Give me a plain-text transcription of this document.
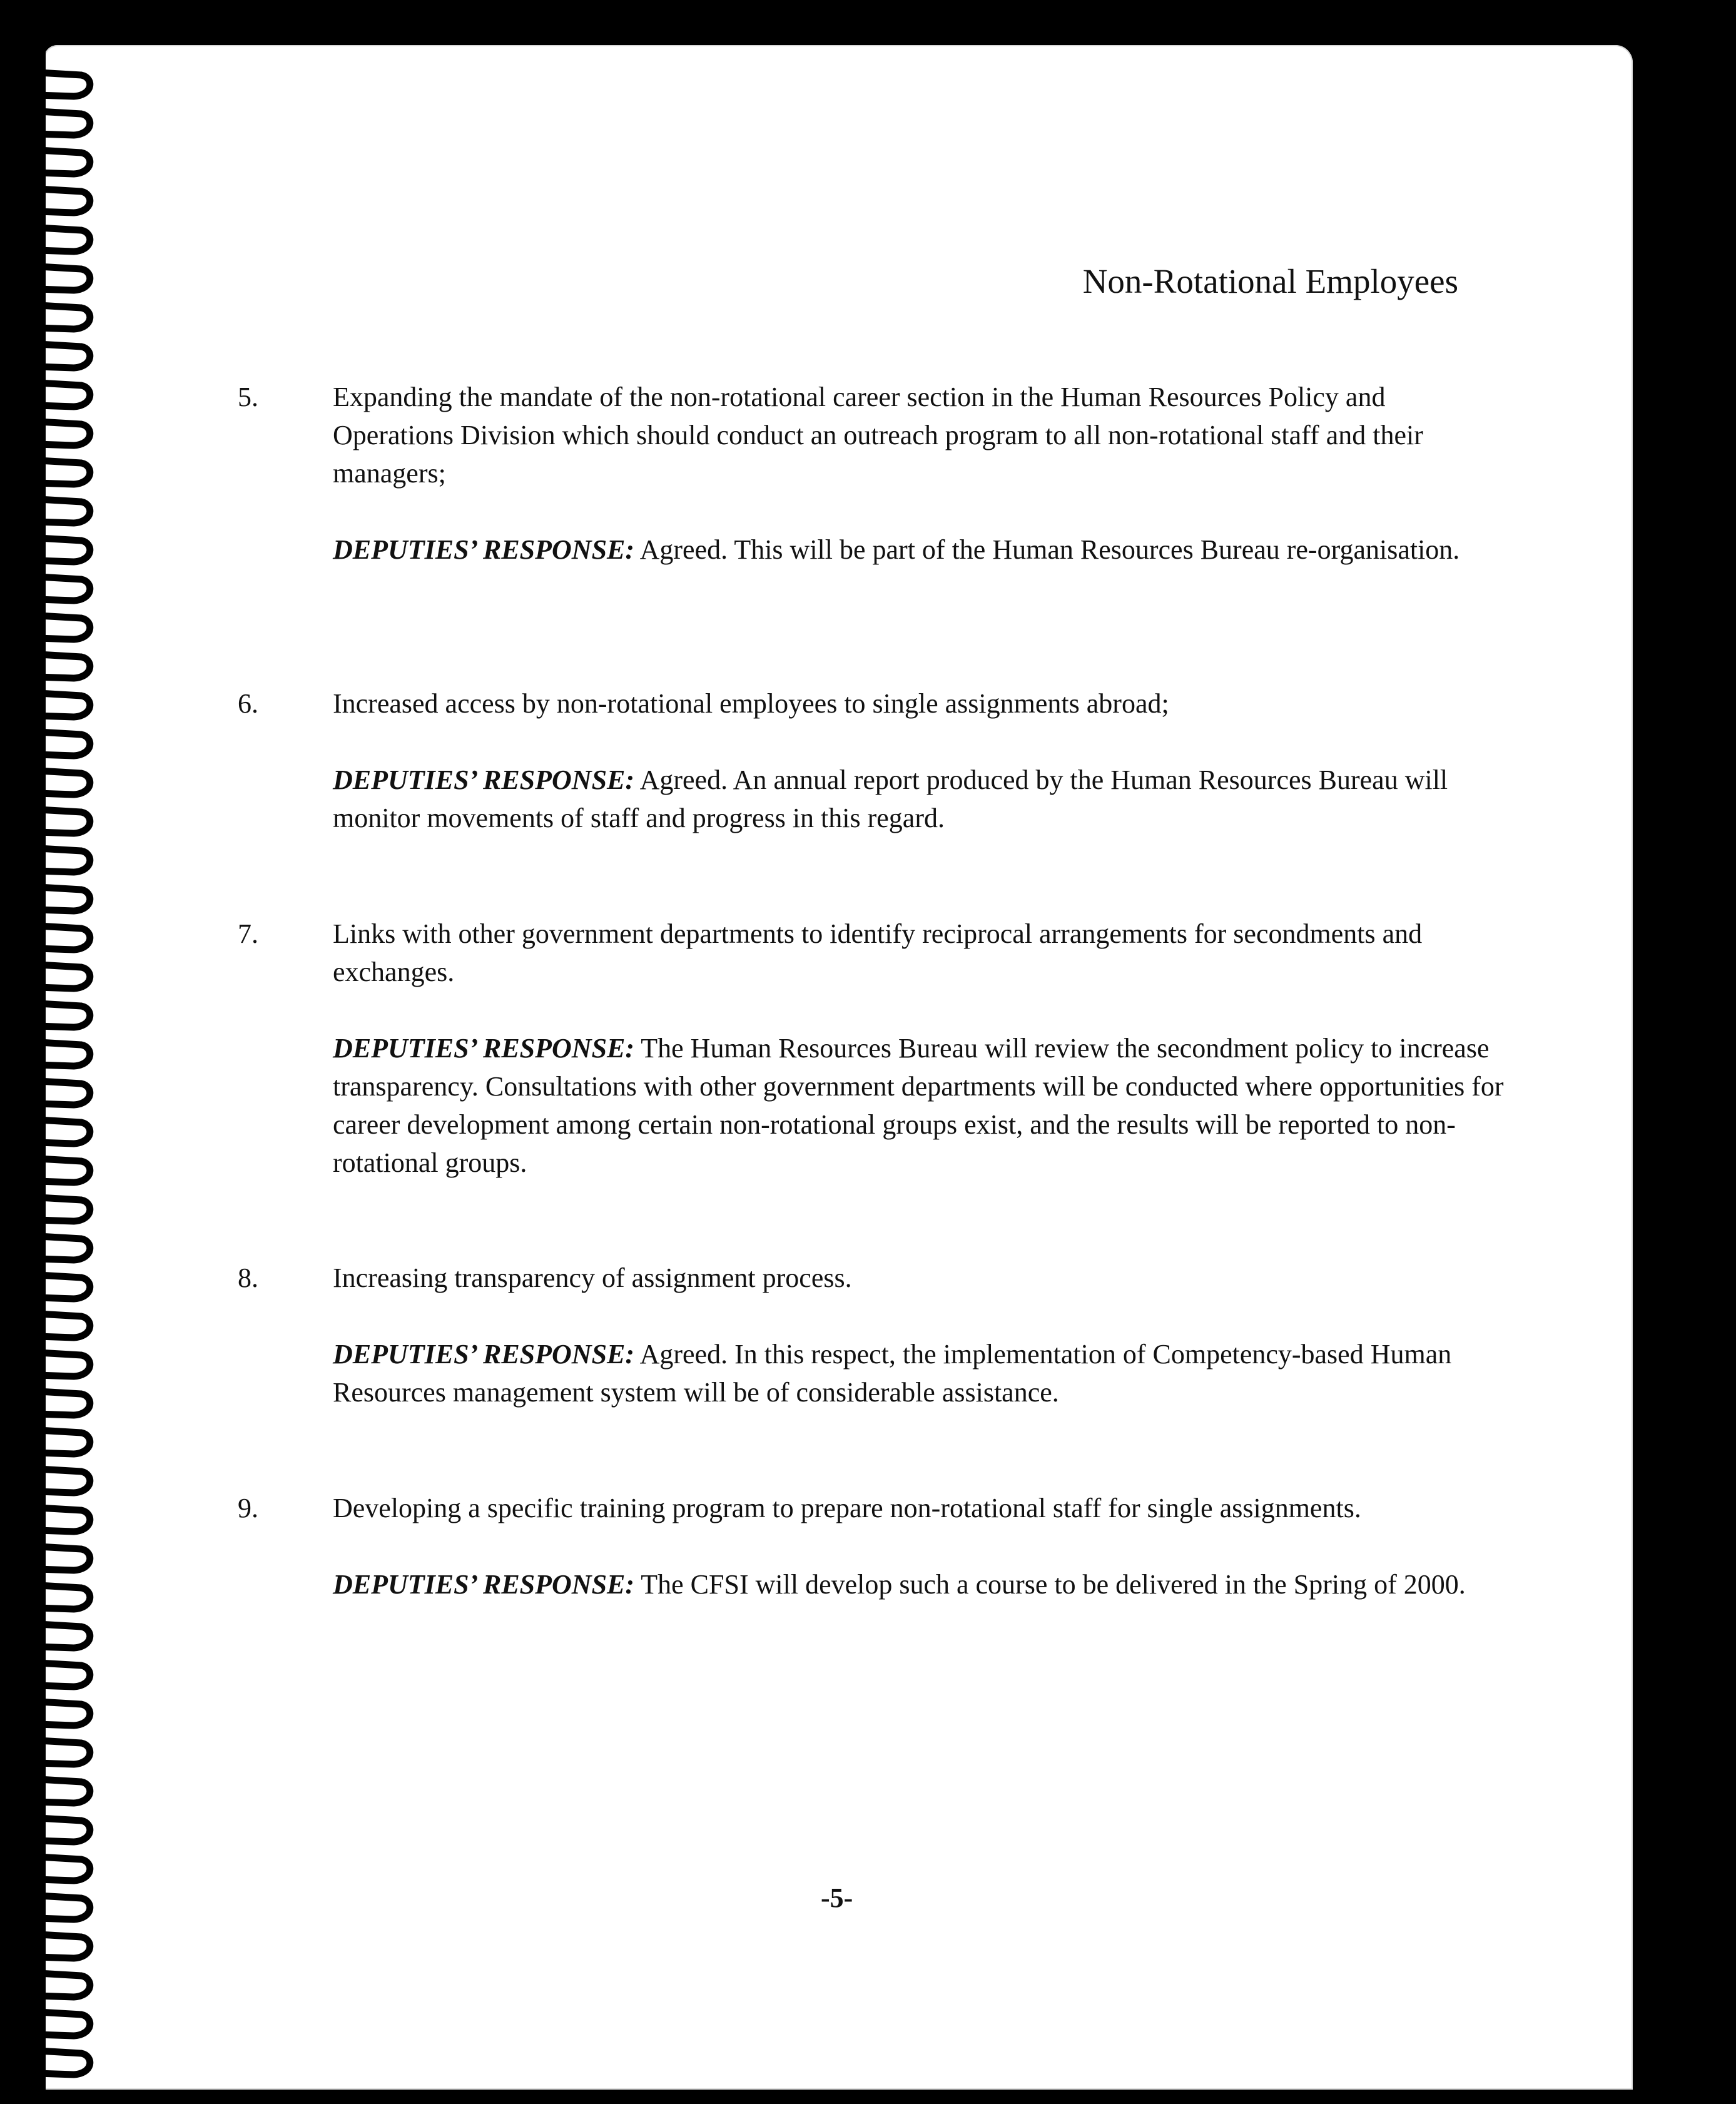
Non-Rotational Employees
5.	Expanding the mandate of the non-rotational career section in the Human Resources Policy and Operations Division which should conduct an outreach program to all non-rotational staff and their managers;
DEPUTIES’ RESPONSE: Agreed. This will be part of the Human Resources Bureau re-organisation.
6.	Increased access by non-rotational employees to single assignments abroad;
DEPUTIES’ RESPONSE: Agreed. An annual report produced by the Human Resources Bureau will monitor movements of staff and progress in this regard.
7.	Links with other government departments to identify reciprocal arrangements for secondments and exchanges.
DEPUTIES’ RESPONSE: The Human Resources Bureau will review the secondment policy to increase transparency. Consultations with other government departments will be conducted where opportunities for career development among certain non-rotational groups exist, and the results will be reported to non-rotational groups.
8.	Increasing transparency of assignment process.
DEPUTIES’ RESPONSE: Agreed. In this respect, the implementation of Competency-based Human Resources management system will be of considerable assistance.
9.	Developing a specific training program to prepare non-rotational staff for single assignments.
DEPUTIES’ RESPONSE: The CFSI will develop such a course to be delivered in the Spring of 2000.
-5-
